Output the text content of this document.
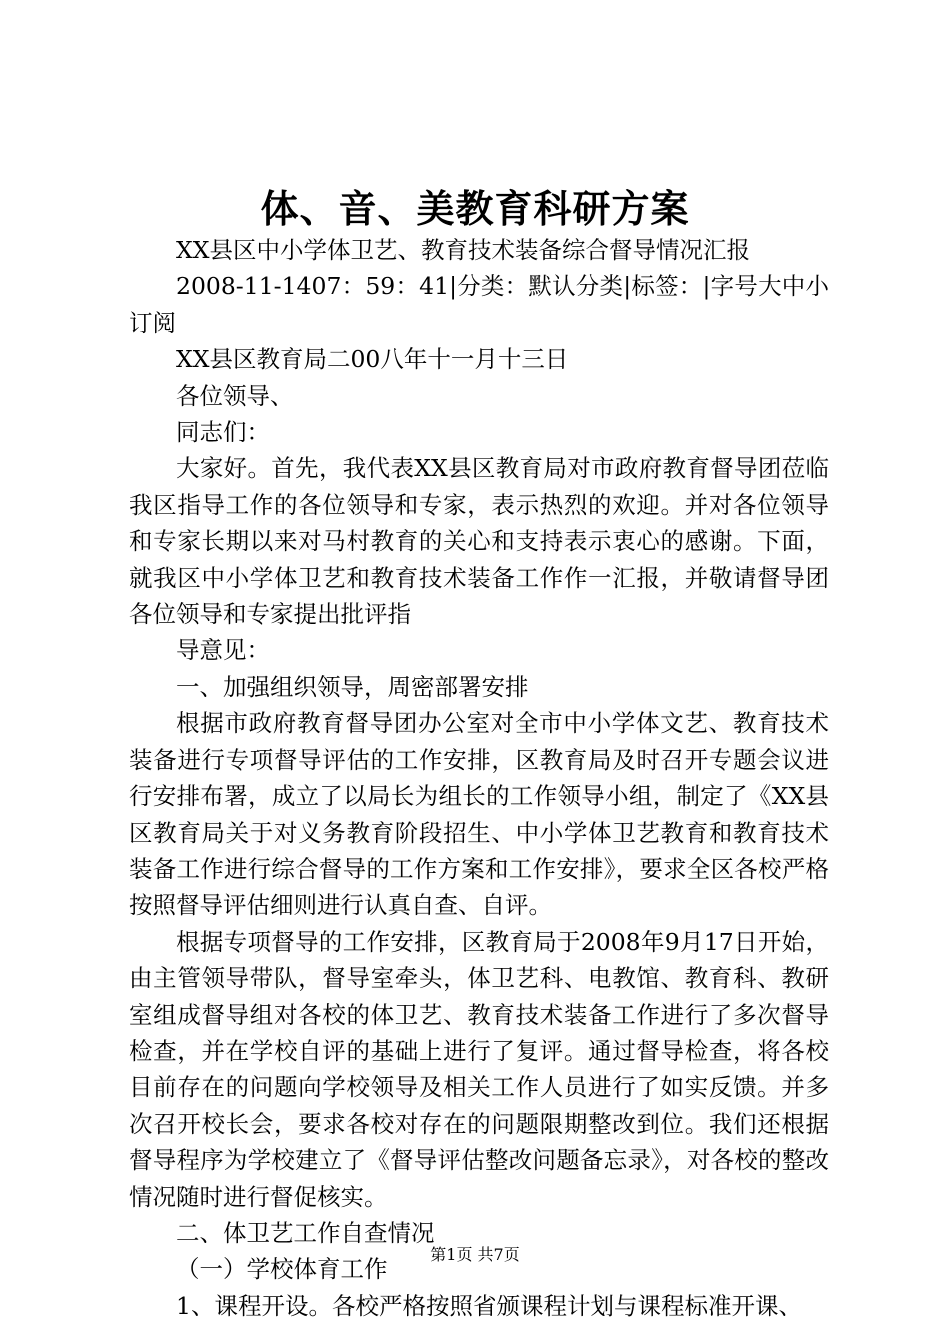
体、音、美教育科研方案

XX县区中小学体卫艺、教育技术装备综合督导情况汇报

2008-11-1407：59：41|分类：默认分类|标签：|字号大中小订阅

XX县区教育局二00八年十一月十三日

各位领导、

同志们：

大家好。首先，我代表XX县区教育局对市政府教育督导团莅临我区指导工作的各位领导和专家，表示热烈的欢迎。并对各位领导和专家长期以来对马村教育的关心和支持表示衷心的感谢。下面，就我区中小学体卫艺和教育技术装备工作作一汇报，并敬请督导团各位领导和专家提出批评指

导意见：

一、加强组织领导，周密部署安排

根据市政府教育督导团办公室对全市中小学体文艺、教育技术装备进行专项督导评估的工作安排，区教育局及时召开专题会议进行安排布署，成立了以局长为组长的工作领导小组，制定了《XX县区教育局关于对义务教育阶段招生、中小学体卫艺教育和教育技术装备工作进行综合督导的工作方案和工作安排》，要求全区各校严格按照督导评估细则进行认真自查、自评。

根据专项督导的工作安排，区教育局于2008年9月17日开始，由主管领导带队，督导室牵头，体卫艺科、电教馆、教育科、教研室组成督导组对各校的体卫艺、教育技术装备工作进行了多次督导检查，并在学校自评的基础上进行了复评。通过督导检查，将各校目前存在的问题向学校领导及相关工作人员进行了如实反馈。并多次召开校长会，要求各校对存在的问题限期整改到位。我们还根据督导程序为学校建立了《督导评估整改问题备忘录》，对各校的整改情况随时进行督促核实。

二、体卫艺工作自查情况

（一）学校体育工作

1、课程开设。各校严格按照省颁课程计划与课程标准开课、

第1页 共7页
